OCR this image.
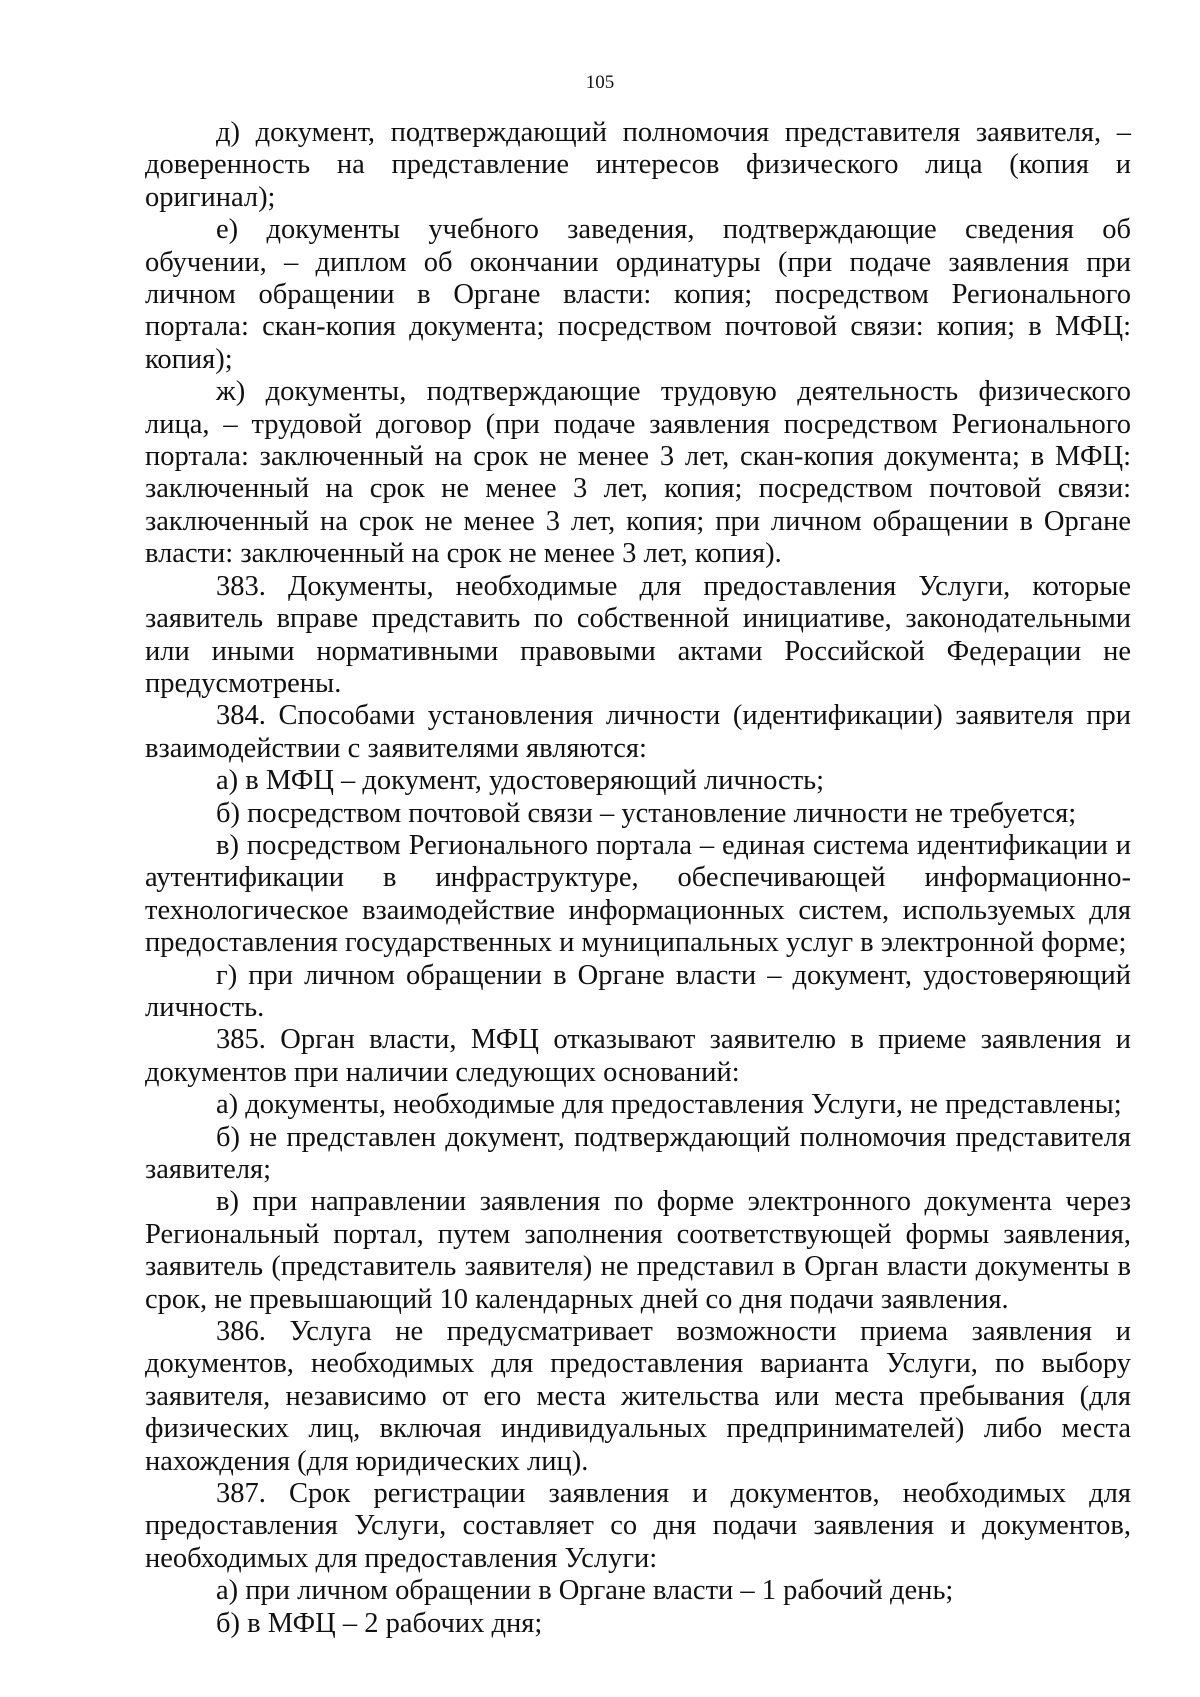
105

д) документ, подтверждающий полномочия представителя заявителя, – доверенность на представление интересов физического лица (копия и оригинал);

е) документы учебного заведения, подтверждающие сведения об обучении, – диплом об окончании ординатуры (при подаче заявления при личном обращении в Органе власти: копия; посредством Регионального портала: скан-копия документа; посредством почтовой связи: копия; в МФЦ: копия);

ж) документы, подтверждающие трудовую деятельность физического лица, – трудовой договор (при подаче заявления посредством Регионального портала: заключенный на срок не менее 3 лет, скан-копия документа; в МФЦ: заключенный на срок не менее 3 лет, копия; посредством почтовой связи: заключенный на срок не менее 3 лет, копия; при личном обращении в Органе власти: заключенный на срок не менее 3 лет, копия).

383. Документы, необходимые для предоставления Услуги, которые заявитель вправе представить по собственной инициативе, законодательными или иными нормативными правовыми актами Российской Федерации не предусмотрены.

384. Способами установления личности (идентификации) заявителя при взаимодействии с заявителями являются:

а) в МФЦ – документ, удостоверяющий личность;

б) посредством почтовой связи – установление личности не требуется;

в) посредством Регионального портала – единая система идентификации и аутентификации в инфраструктуре, обеспечивающей информационно-технологическое взаимодействие информационных систем, используемых для предоставления государственных и муниципальных услуг в электронной форме;

г) при личном обращении в Органе власти – документ, удостоверяющий личность.

385. Орган власти, МФЦ отказывают заявителю в приеме заявления и документов при наличии следующих оснований:

а) документы, необходимые для предоставления Услуги, не представлены;

б) не представлен документ, подтверждающий полномочия представителя заявителя;

в) при направлении заявления по форме электронного документа через Региональный портал, путем заполнения соответствующей формы заявления, заявитель (представитель заявителя) не представил в Орган власти документы в срок, не превышающий 10 календарных дней со дня подачи заявления.

386. Услуга не предусматривает возможности приема заявления и документов, необходимых для предоставления варианта Услуги, по выбору заявителя, независимо от его места жительства или места пребывания (для физических лиц, включая индивидуальных предпринимателей) либо места нахождения (для юридических лиц).

387. Срок регистрации заявления и документов, необходимых для предоставления Услуги, составляет со дня подачи заявления и документов, необходимых для предоставления Услуги:

а) при личном обращении в Органе власти – 1 рабочий день;

б) в МФЦ – 2 рабочих дня;
